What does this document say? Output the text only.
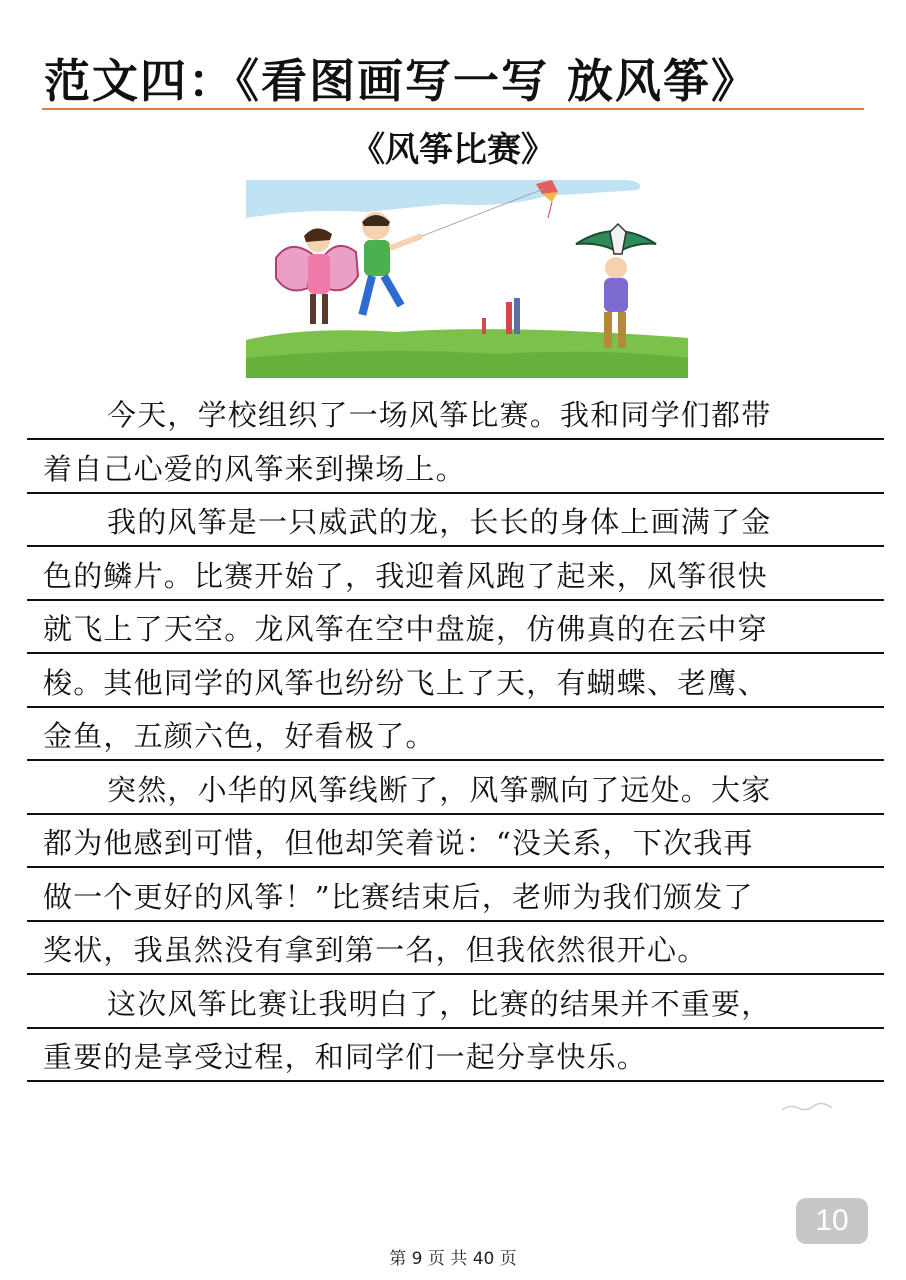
范文四：《看图画写一写 放风筝》
《风筝比赛》
今天，学校组织了一场风筝比赛。我和同学们都带
着自己心爱的风筝来到操场上。
我的风筝是一只威武的龙，长长的身体上画满了金
色的鳞片。比赛开始了，我迎着风跑了起来，风筝很快
就飞上了天空。龙风筝在空中盘旋，仿佛真的在云中穿
梭。其他同学的风筝也纷纷飞上了天，有蝴蝶、老鹰、
金鱼，五颜六色，好看极了。
突然，小华的风筝线断了，风筝飘向了远处。大家
都为他感到可惜，但他却笑着说：“没关系，下次我再
做一个更好的风筝！”比赛结束后，老师为我们颁发了
奖状，我虽然没有拿到第一名，但我依然很开心。
这次风筝比赛让我明白了，比赛的结果并不重要，
重要的是享受过程，和同学们一起分享快乐。
10
第 9 页 共 40 页
